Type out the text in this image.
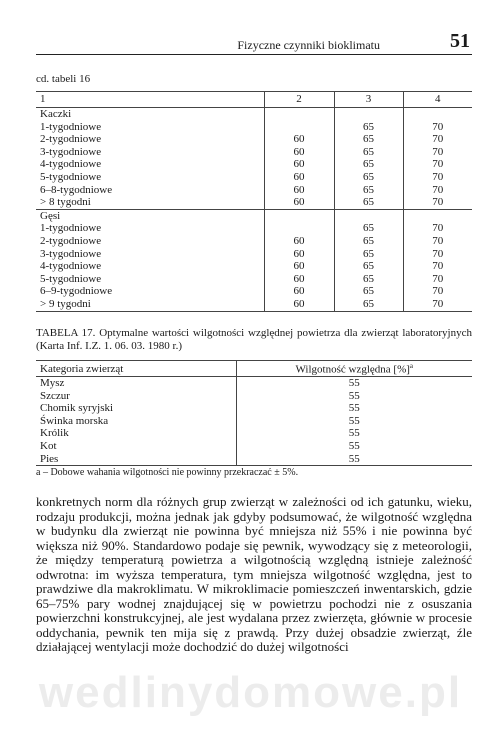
Fizyczne czynniki bioklimatu	51
cd. tabeli 16
1	2	3	4
Kaczki			
1-tygodniowe		65	70
2-tygodniowe	60	65	70
3-tygodniowe	60	65	70
4-tygodniowe	60	65	70
5-tygodniowe	60	65	70
6–8-tygodniowe	60	65	70
> 8 tygodni	60	65	70
Gęsi			
1-tygodniowe		65	70
2-tygodniowe	60	65	70
3-tygodniowe	60	65	70
4-tygodniowe	60	65	70
5-tygodniowe	60	65	70
6–9-tygodniowe	60	65	70
> 9 tygodni	60	65	70
TABELA 17. Optymalne wartości wilgotności względnej powietrza dla zwierząt laboratoryjnych (Karta Inf. I.Z. 1. 06. 03. 1980 r.)
Kategoria zwierząt	Wilgotność względna [%]$^a$
Mysz	55
Szczur	55
Chomik syryjski	55
Świnka morska	55
Królik	55
Kot	55
Pies	55
a – Dobowe wahania wilgotności nie powinny przekraczać ± 5%.

konkretnych norm dla różnych grup zwierząt w zależności od ich gatunku, wieku, rodzaju produkcji, można jednak jak gdyby podsumować, że wilgotność względna w budynku dla zwierząt nie powinna być mniejsza niż 55% i nie powinna być większa niż 90%. Standardowo podaje się pewnik, wywodzący się z meteorologii, że między temperaturą powietrza a wilgotnością względną istnieje zależność odwrotna: im wyższa temperatura, tym mniejsza wilgotność względna, jest to prawdziwe dla makroklimatu. W mikroklimacie pomieszczeń inwentarskich, gdzie 65–75% pary wodnej znajdującej się w powietrzu pochodzi nie z osuszania powierzchni konstrukcyjnej, ale jest wydalana przez zwierzęta, głównie w procesie oddychania, pewnik ten mija się z prawdą. Przy dużej obsadzie zwierząt, źle działającej wentylacji może dochodzić do dużej wilgotności

wedlinydomowe.pl
